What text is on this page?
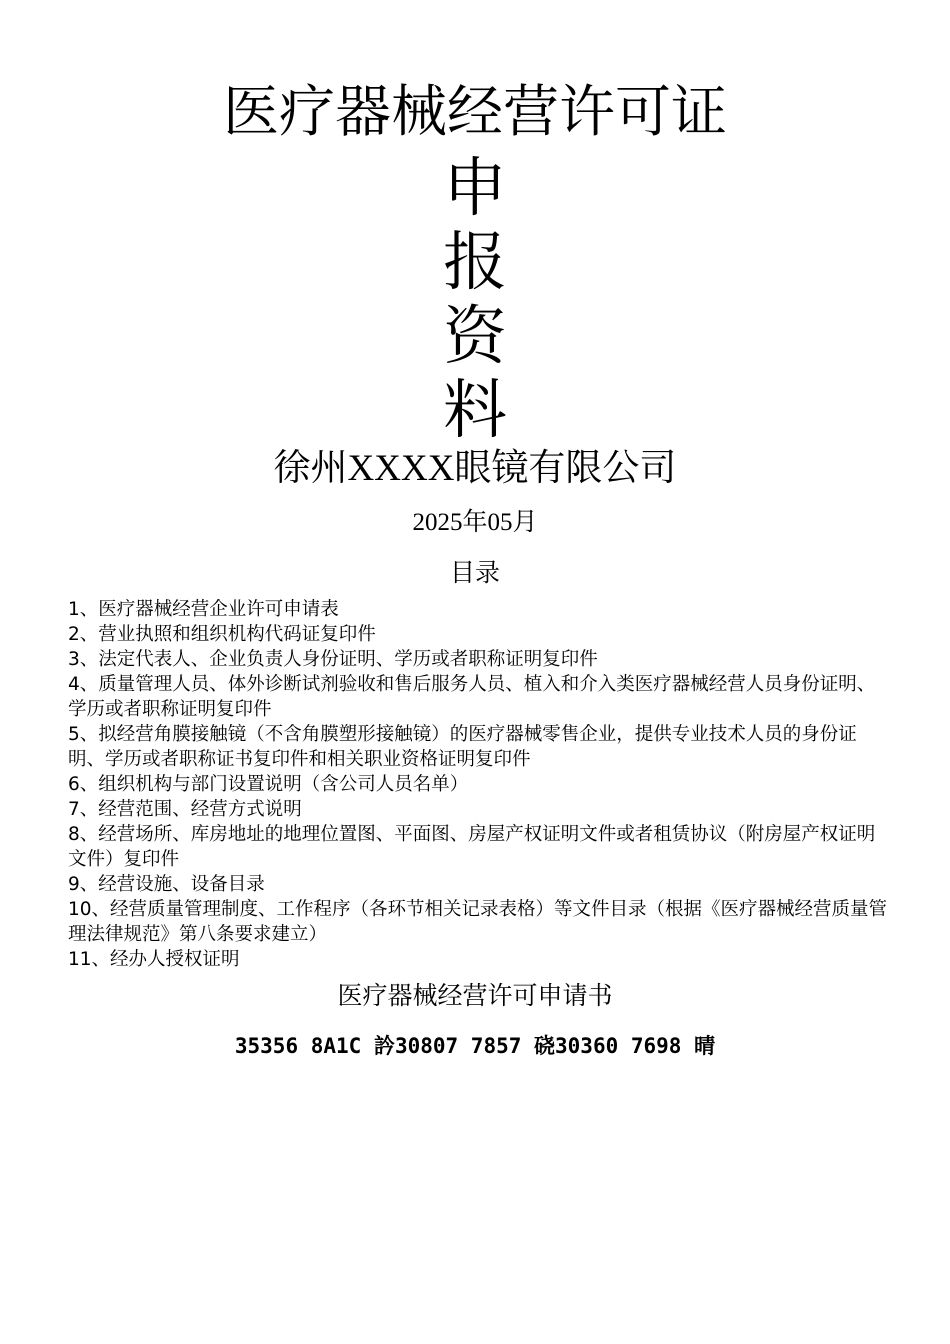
医疗器械经营许可证
申
报
资
料
徐州XXXX眼镜有限公司
2025年05月
目录
1、医疗器械经营企业许可申请表
2、营业执照和组织机构代码证复印件
3、法定代表人、企业负责人身份证明、学历或者职称证明复印件
4、质量管理人员、体外诊断试剂验收和售后服务人员、植入和介入类医疗器械经营人员身份证明、学历或者职称证明复印件
5、拟经营角膜接触镜（不含角膜塑形接触镜）的医疗器械零售企业，提供专业技术人员的身份证明、学历或者职称证书复印件和相关职业资格证明复印件
6、组织机构与部门设置说明（含公司人员名单）
7、经营范围、经营方式说明
8、经营场所、库房地址的地理位置图、平面图、房屋产权证明文件或者租赁协议（附房屋产权证明文件）复印件
9、经营设施、设备目录
10、经营质量管理制度、工作程序（各环节相关记录表格）等文件目录（根据《医疗器械经营质量管理法律规范》第八条要求建立）
11、经办人授权证明
医疗器械经营许可申请书
35356 8A1C 訡30807 7857 硗30360 7698 晴
